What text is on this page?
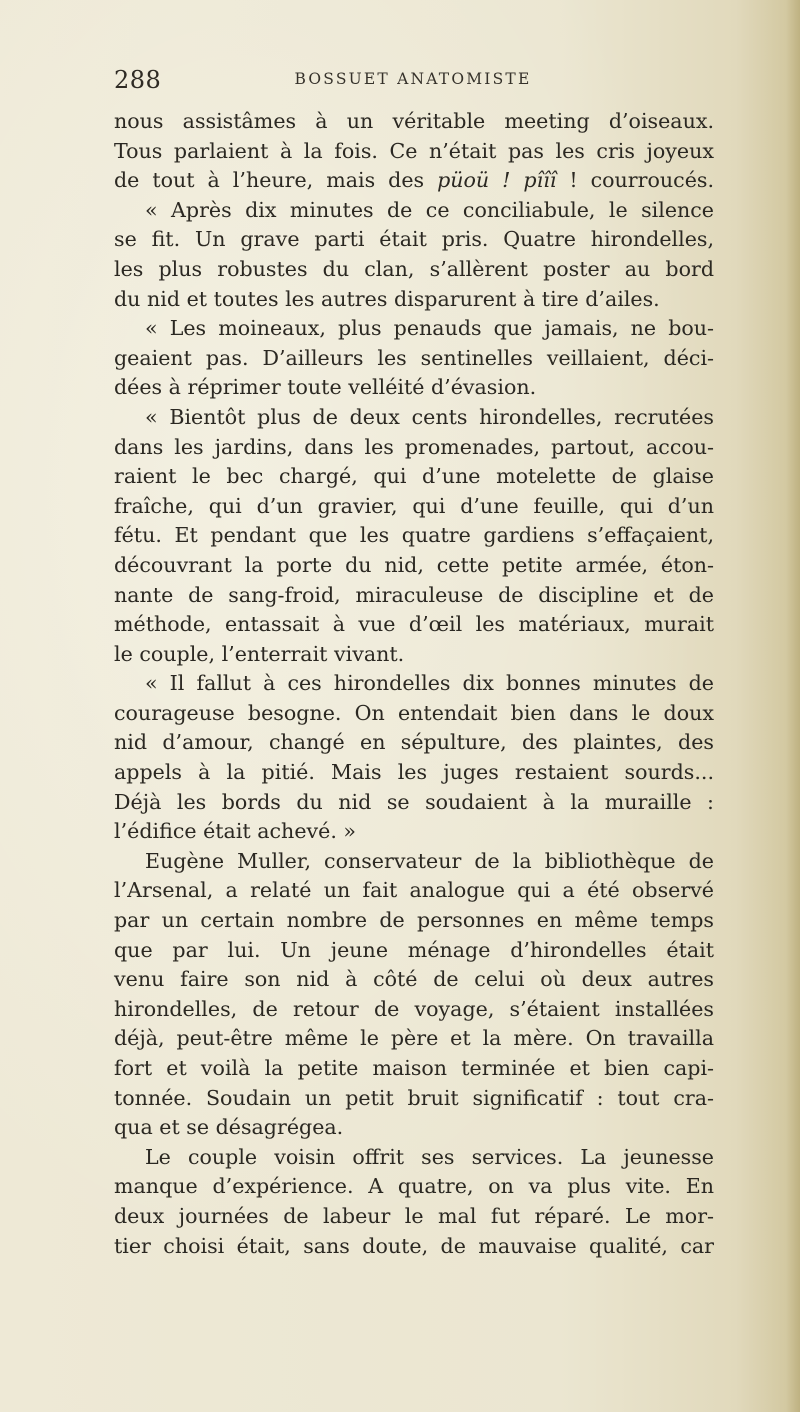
288	BOSSUET ANATOMISTE
nous assistâmes à un véritable meeting d’oiseaux.
Tous parlaient à la fois. Ce n’était pas les cris joyeux
de tout à l’heure, mais des püoü ! pîîî ! courroucés.
« Après dix minutes de ce conciliabule, le silence
se fit. Un grave parti était pris. Quatre hirondelles,
les plus robustes du clan, s’allèrent poster au bord
du nid et toutes les autres disparurent à tire d’ailes.
« Les moineaux, plus penauds que jamais, ne bou-
geaient pas. D’ailleurs les sentinelles veillaient, déci-
dées à réprimer toute velléité d’évasion.
« Bientôt plus de deux cents hirondelles, recrutées
dans les jardins, dans les promenades, partout, accou-
raient le bec chargé, qui d’une motelette de glaise
fraîche, qui d’un gravier, qui d’une feuille, qui d’un
fétu. Et pendant que les quatre gardiens s’effaçaient,
découvrant la porte du nid, cette petite armée, éton-
nante de sang-froid, miraculeuse de discipline et de
méthode, entassait à vue d’œil les matériaux, murait
le couple, l’enterrait vivant.
« Il fallut à ces hirondelles dix bonnes minutes de
courageuse besogne. On entendait bien dans le doux
nid d’amour, changé en sépulture, des plaintes, des
appels à la pitié. Mais les juges restaient sourds...
Déjà les bords du nid se soudaient à la muraille :
l’édifice était achevé. »
Eugène Muller, conservateur de la bibliothèque de
l’Arsenal, a relaté un fait analogue qui a été observé
par un certain nombre de personnes en même temps
que par lui. Un jeune ménage d’hirondelles était
venu faire son nid à côté de celui où deux autres
hirondelles, de retour de voyage, s’étaient installées
déjà, peut-être même le père et la mère. On travailla
fort et voilà la petite maison terminée et bien capi-
tonnée. Soudain un petit bruit significatif : tout cra-
qua et se désagrégea.
Le couple voisin offrit ses services. La jeunesse
manque d’expérience. A quatre, on va plus vite. En
deux journées de labeur le mal fut réparé. Le mor-
tier choisi était, sans doute, de mauvaise qualité, car
